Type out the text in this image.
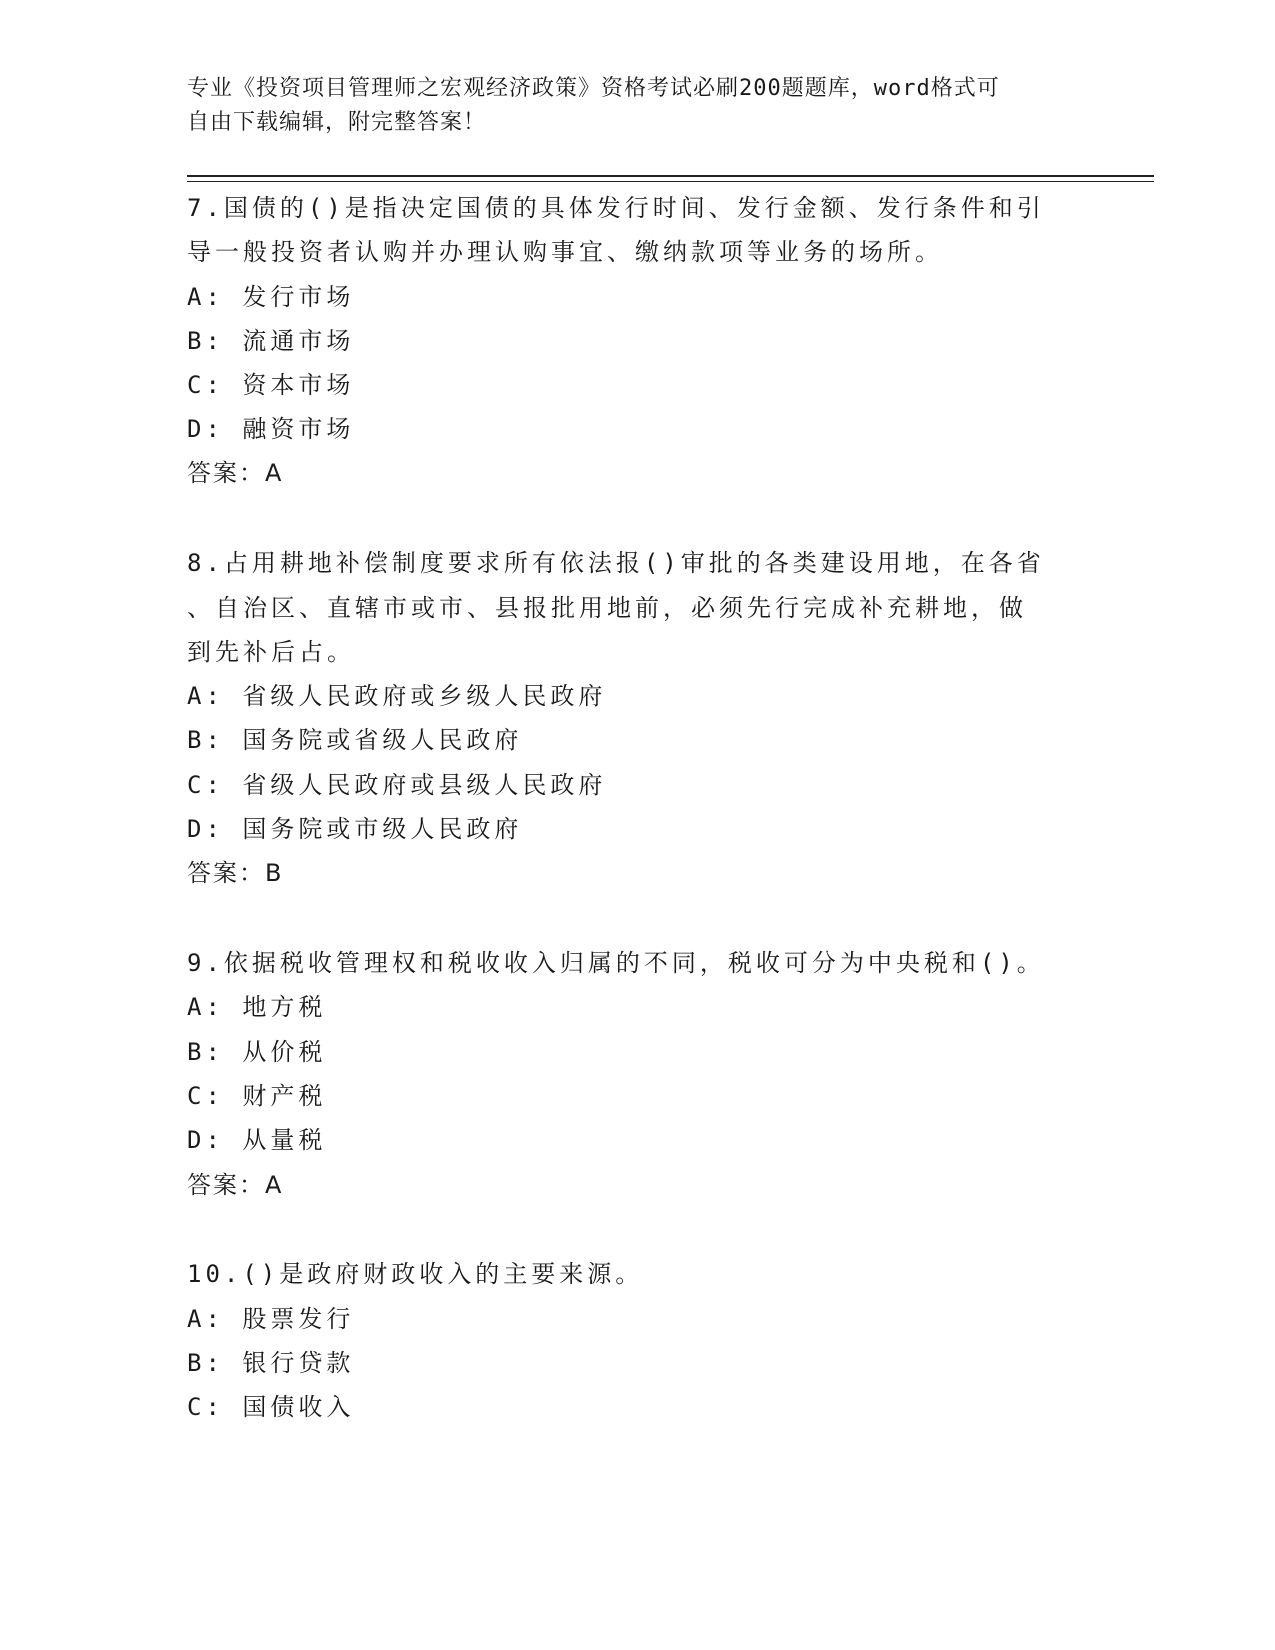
专业《投资项目管理师之宏观经济政策》资格考试必刷200题题库，word格式可
自由下载编辑，附完整答案！
7.国债的()是指决定国债的具体发行时间、发行金额、发行条件和引
导一般投资者认购并办理认购事宜、缴纳款项等业务的场所。
A: 发行市场
B: 流通市场
C: 资本市场
D: 融资市场
答案：A
8.占用耕地补偿制度要求所有依法报()审批的各类建设用地，在各省
、自治区、直辖市或市、县报批用地前，必须先行完成补充耕地，做
到先补后占。
A: 省级人民政府或乡级人民政府
B: 国务院或省级人民政府
C: 省级人民政府或县级人民政府
D: 国务院或市级人民政府
答案：B
9.依据税收管理权和税收收入归属的不同，税收可分为中央税和()。
A: 地方税
B: 从价税
C: 财产税
D: 从量税
答案：A
10.()是政府财政收入的主要来源。
A: 股票发行
B: 银行贷款
C: 国债收入
